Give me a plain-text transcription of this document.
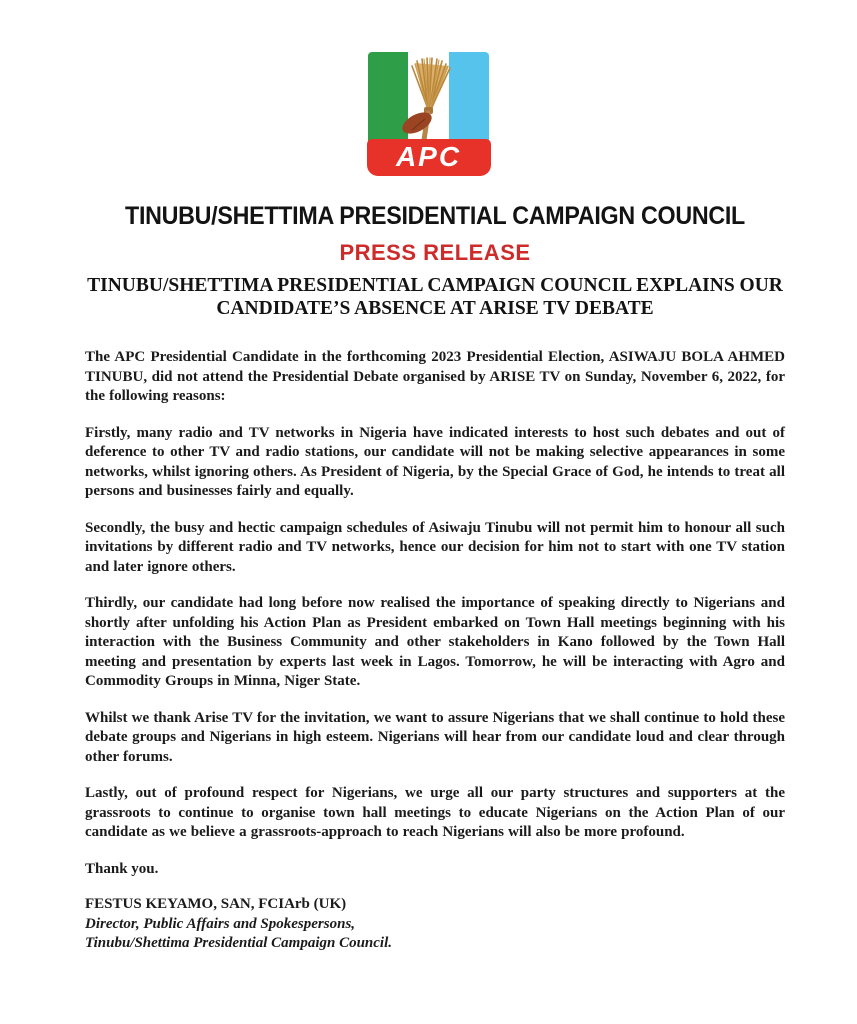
APC
TINUBU/SHETTIMA PRESIDENTIAL CAMPAIGN COUNCIL
PRESS RELEASE
TINUBU/SHETTIMA PRESIDENTIAL CAMPAIGN COUNCIL EXPLAINS OUR
CANDIDATE’S ABSENCE AT ARISE TV DEBATE

The APC Presidential Candidate in the forthcoming 2023 Presidential Election, ASIWAJU BOLA AHMED TINUBU, did not attend the Presidential Debate organised by ARISE TV on Sunday, November 6, 2022, for the following reasons:

Firstly, many radio and TV networks in Nigeria have indicated interests to host such debates and out of deference to other TV and radio stations, our candidate will not be making selective appearances in some networks, whilst ignoring others. As President of Nigeria, by the Special Grace of God, he intends to treat all persons and businesses fairly and equally.

Secondly, the busy and hectic campaign schedules of Asiwaju Tinubu will not permit him to honour all such invitations by different radio and TV networks, hence our decision for him not to start with one TV station and later ignore others.

Thirdly, our candidate had long before now realised the importance of speaking directly to Nigerians and shortly after unfolding his Action Plan as President embarked on Town Hall meetings beginning with his interaction with the Business Community and other stakeholders in Kano followed by the Town Hall meeting and presentation by experts last week in Lagos. Tomorrow, he will be interacting with Agro and Commodity Groups in Minna, Niger State.

Whilst we thank Arise TV for the invitation, we want to assure Nigerians that we shall continue to hold these debate groups and Nigerians in high esteem. Nigerians will hear from our candidate loud and clear through other forums.

Lastly, out of profound respect for Nigerians, we urge all our party structures and supporters at the grassroots to continue to organise town hall meetings to educate Nigerians on the Action Plan of our candidate as we believe a grassroots-approach to reach Nigerians will also be more profound.

Thank you.
FESTUS KEYAMO, SAN, FCIArb (UK)
Director, Public Affairs and Spokespersons,
Tinubu/Shettima Presidential Campaign Council.
